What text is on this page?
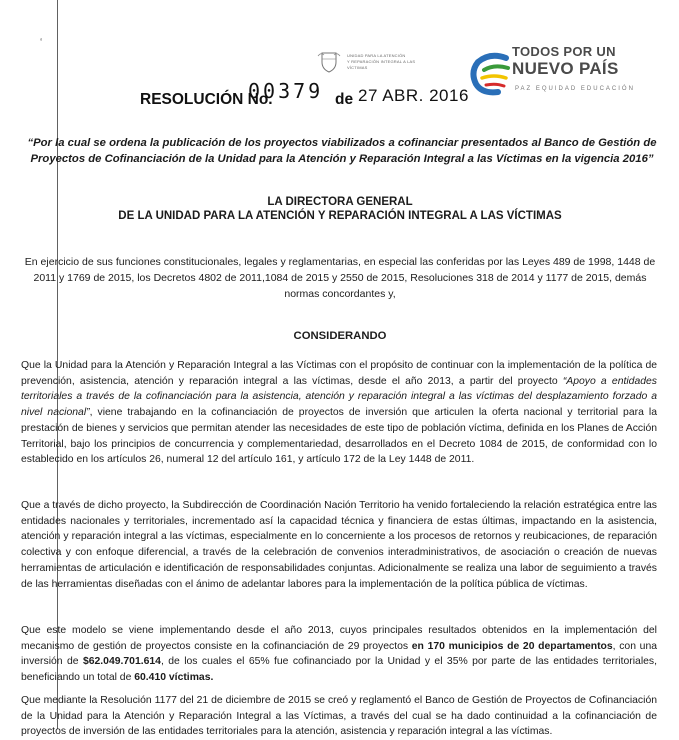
‘
UNIDAD PARA LA ATENCIÓN
Y REPARACIÓN INTEGRAL A LAS VÍCTIMAS
TODOS POR UN
NUEVO PAÍS
PAZ EQUIDAD EDUCACIÓN
RESOLUCIÓN No.
00379 de 27 ABR. 2016
“Por la cual se ordena la publicación de los proyectos viabilizados a cofinanciar presentados al Banco de Gestión de Proyectos de Cofinanciación de la Unidad para la Atención y Reparación Integral a las Víctimas en la vigencia 2016”
LA DIRECTORA GENERAL
DE LA UNIDAD PARA LA ATENCIÓN Y REPARACIÓN INTEGRAL A LAS VÍCTIMAS
En ejercicio de sus funciones constitucionales, legales y reglamentarias, en especial las conferidas por las Leyes 489 de 1998, 1448 de 2011 y 1769 de 2015, los Decretos 4802 de 2011,1084 de 2015 y 2550 de 2015, Resoluciones 318 de 2014 y 1177 de 2015, demás normas concordantes y,
CONSIDERANDO
Que la Unidad para la Atención y Reparación Integral a las Víctimas con el propósito de continuar con la implementación de la política de prevención, asistencia, atención y reparación integral a las víctimas, desde el año 2013, a partir del proyecto “Apoyo a entidades territoriales a través de la cofinanciación para la asistencia, atención y reparación integral a las víctimas del desplazamiento forzado a nivel nacional”, viene trabajando en la cofinanciación de proyectos de inversión que articulen la oferta nacional y territorial para la prestación de bienes y servicios que permitan atender las necesidades de este tipo de población víctima, definida en los Planes de Acción Territorial, bajo los principios de concurrencia y complementariedad, desarrollados en el Decreto 1084 de 2015, de conformidad con lo establecido en los artículos 26, numeral 12 del artículo 161, y artículo 172 de la Ley 1448 de 2011.
Que a través de dicho proyecto, la Subdirección de Coordinación Nación Territorio ha venido fortaleciendo la relación estratégica entre las entidades nacionales y territoriales, incrementado así la capacidad técnica y financiera de estas últimas, impactando en la asistencia, atención y reparación integral a las víctimas, especialmente en lo concerniente a los procesos de retornos y reubicaciones, de reparación colectiva y con enfoque diferencial, a través de la celebración de convenios interadministrativos, de asociación o creación de nuevas herramientas de articulación e identificación de responsabilidades conjuntas. Adicionalmente se realiza una labor de seguimiento a través de las herramientas diseñadas con el ánimo de adelantar labores para la implementación de la política pública de víctimas.
Que este modelo se viene implementando desde el año 2013, cuyos principales resultados obtenidos en la implementación del mecanismo de gestión de proyectos consiste en la cofinanciación de 29 proyectos en 170 municipios de 20 departamentos, con una inversión de $62.049.701.614, de los cuales el 65% fue cofinanciado por la Unidad y el 35% por parte de las entidades territoriales, beneficiando un total de 60.410 víctimas.
Que mediante la Resolución 1177 del 21 de diciembre de 2015 se creó y reglamentó el Banco de Gestión de Proyectos de Cofinanciación de la Unidad para la Atención y Reparación Integral a las Víctimas, a través del cual se ha dado continuidad a la cofinanciación de proyectos de inversión de las entidades territoriales para la atención, asistencia y reparación integral a las víctimas.
